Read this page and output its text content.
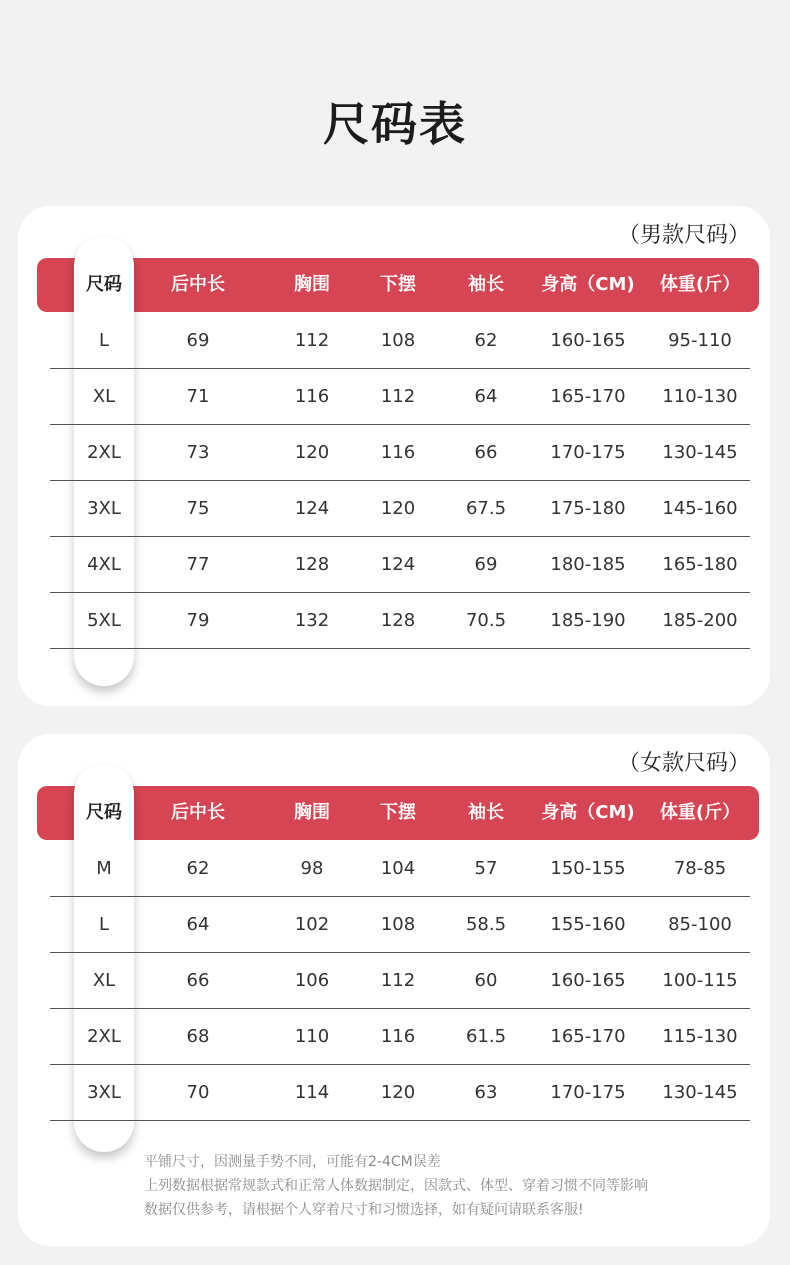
尺码表
（男款尺码）
尺码	后中长	胸围	下摆	袖长	身高（CM)	体重(斤）
L	69	112	108	62	160-165	95-110
XL	71	116	112	64	165-170	110-130
2XL	73	120	116	66	170-175	130-145
3XL	75	124	120	67.5	175-180	145-160
4XL	77	128	124	69	180-185	165-180
5XL	79	132	128	70.5	185-190	185-200
（女款尺码）
尺码	后中长	胸围	下摆	袖长	身高（CM)	体重(斤）
M	62	98	104	57	150-155	78-85
L	64	102	108	58.5	155-160	85-100
XL	66	106	112	60	160-165	100-115
2XL	68	110	116	61.5	165-170	115-130
3XL	70	114	120	63	170-175	130-145
平铺尺寸，因测量手势不同，可能有2-4CM误差
上列数据根据常规款式和正常人体数据制定，因款式、体型、穿着习惯不同等影响
数据仅供参考，请根据个人穿着尺寸和习惯选择，如有疑问请联系客服!
